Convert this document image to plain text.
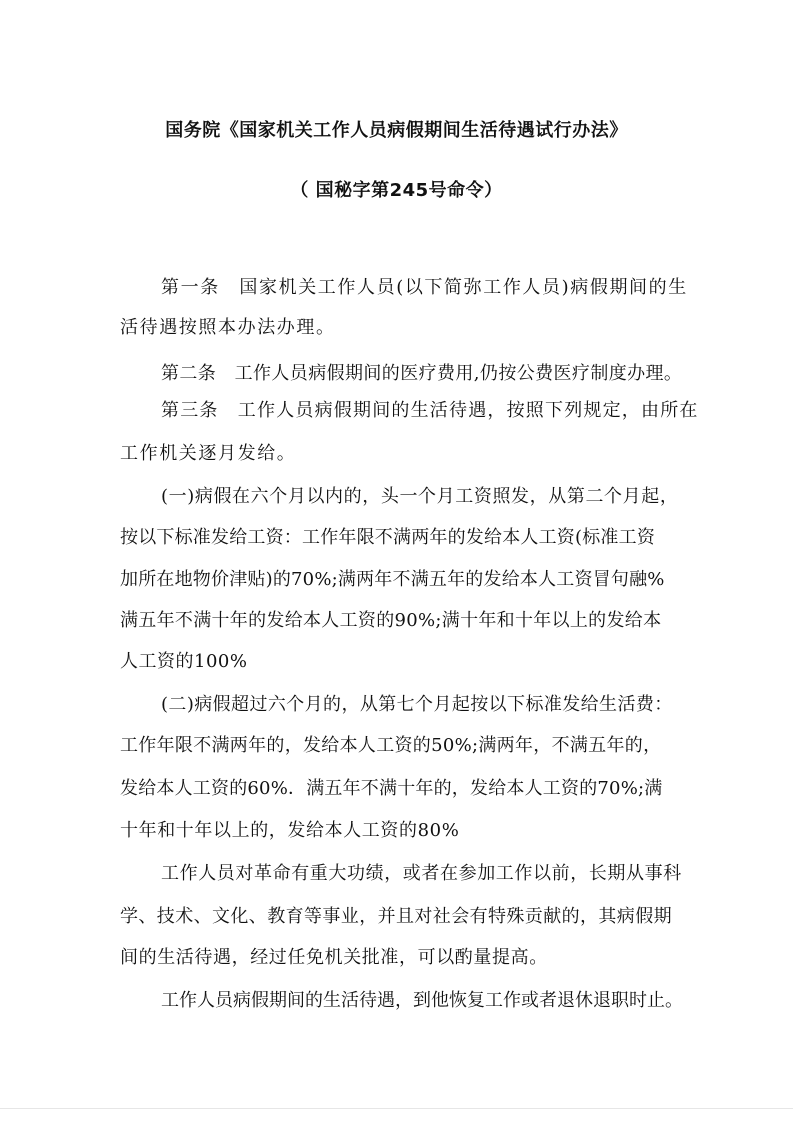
国务院《国家机关工作人员病假期间生活待遇试行办法》
（ 国秘字第245号命令）
第一条　国家机关工作人员(以下简弥工作人员)病假期间的生
活待遇按照本办法办理。
第二条　工作人员病假期间的医疗费用,仍按公费医疗制度办理。
第三条　工作人员病假期间的生活待遇，按照下列规定，由所在
工作机关逐月发给。
(一)病假在六个月以内的，头一个月工资照发，从第二个月起，
按以下标准发给工资：工作年限不满两年的发给本人工资(标准工资
加所在地物价津贴)的70%;满两年不满五年的发给本人工资冒句融%
满五年不满十年的发给本人工资的90%;满十年和十年以上的发给本
人工资的100%
(二)病假超过六个月的，从第七个月起按以下标准发给生活费：
工作年限不满两年的，发给本人工资的50%;满两年，不满五年的，
发给本人工资的60%．满五年不满十年的，发给本人工资的70%;满
十年和十年以上的，发给本人工资的80%
工作人员对革命有重大功绩，或者在参加工作以前，长期从事科
学、技术、文化、教育等事业，并且对社会有特殊贡献的，其病假期
间的生活待遇，经过任免机关批准，可以酌量提高。
工作人员病假期间的生活待遇，到他恢复工作或者退休退职时止。
